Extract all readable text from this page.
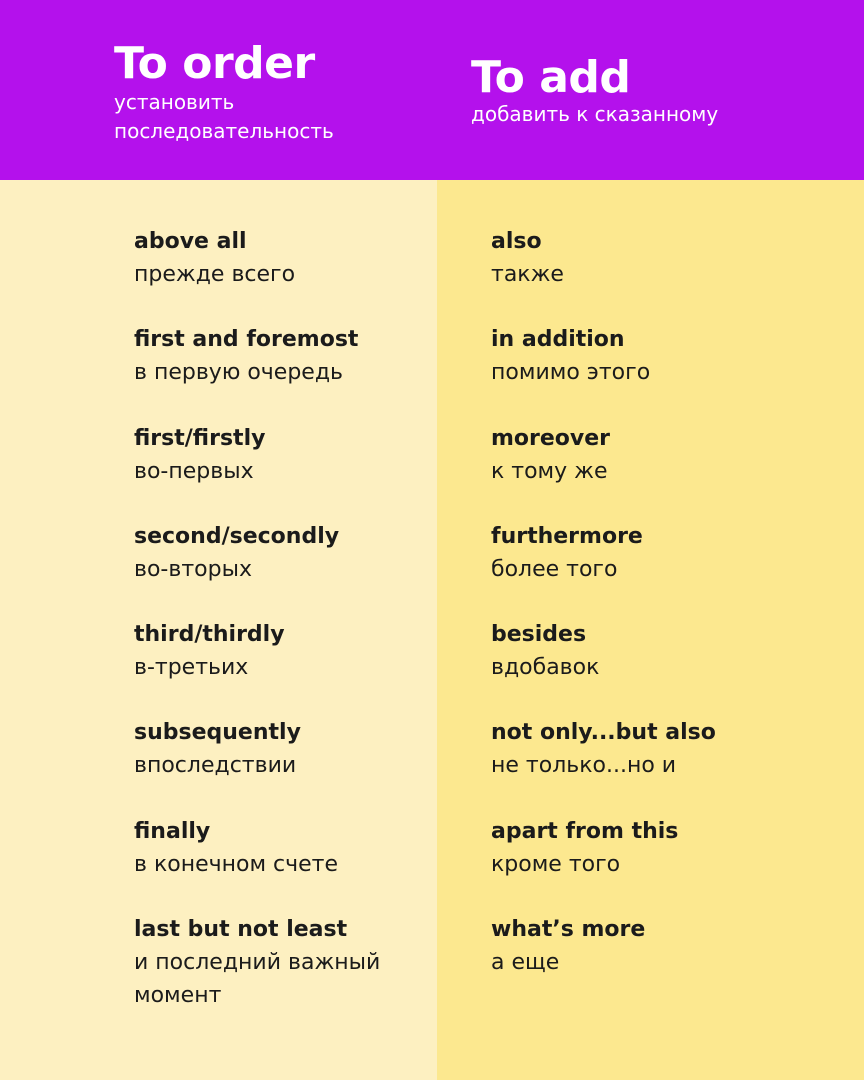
To order
установить последовательность
To add
добавить к сказанному
above all
прежде всего
first and foremost
в первую очередь
first/firstly
во-первых
second/secondly
во-вторых
third/thirdly
в-третьих
subsequently
впоследствии
finally
в конечном счете
last but not least
и последний важный момент
also
также
in addition
помимо этого
moreover
к тому же
furthermore
более того
besides
вдобавок
not only...but also
не только...но и
apart from this
кроме того
what’s more
а еще
